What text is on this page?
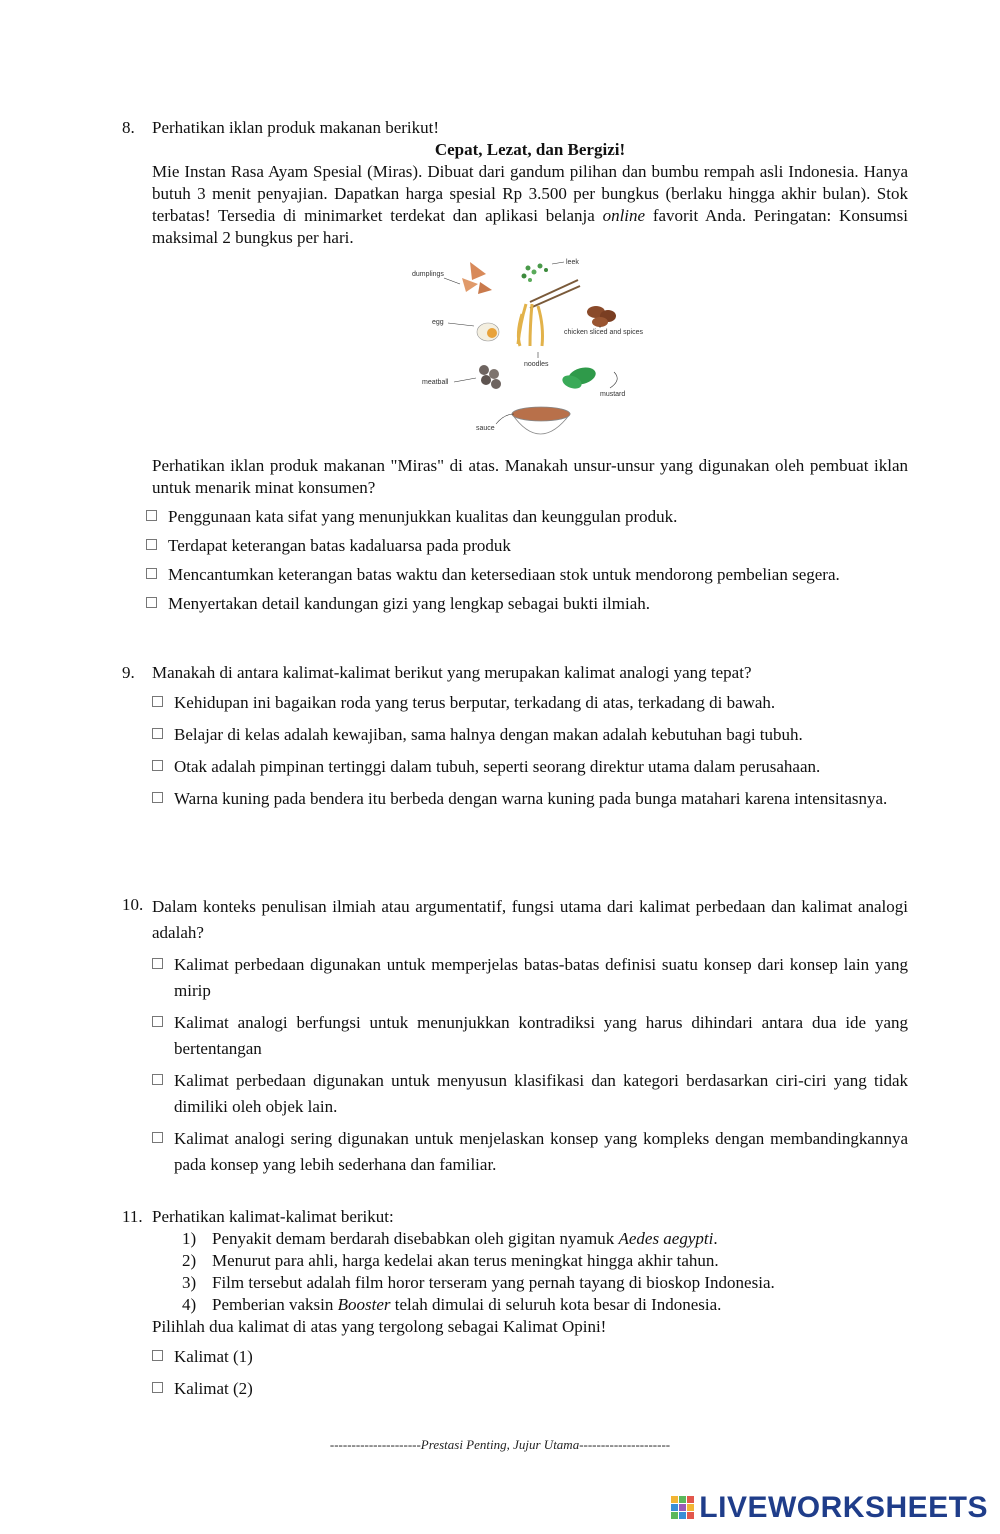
8. Perhatikan iklan produk makanan berikut!
Cepat, Lezat, dan Bergizi!
Mie Instan Rasa Ayam Spesial (Miras). Dibuat dari gandum pilihan dan bumbu rempah asli Indonesia. Hanya butuh 3 menit penyajian. Dapatkan harga spesial Rp 3.500 per bungkus (berlaku hingga akhir bulan). Stok terbatas! Tersedia di minimarket terdekat dan aplikasi belanja online favorit Anda. Peringatan: Konsumsi maksimal 2 bungkus per hari.
dumplings
leek
egg
noodles
chicken sliced and spices
meatball
mustard
sauce
Perhatikan iklan produk makanan "Miras" di atas. Manakah unsur-unsur yang digunakan oleh pembuat iklan untuk menarik minat konsumen?
Penggunaan kata sifat yang menunjukkan kualitas dan keunggulan produk.
Terdapat keterangan batas kadaluarsa pada produk
Mencantumkan keterangan batas waktu dan ketersediaan stok untuk mendorong pembelian segera.
Menyertakan detail kandungan gizi yang lengkap sebagai bukti ilmiah.
9. Manakah di antara kalimat-kalimat berikut yang merupakan kalimat analogi yang tepat?
Kehidupan ini bagaikan roda yang terus berputar, terkadang di atas, terkadang di bawah.
Belajar di kelas adalah kewajiban, sama halnya dengan makan adalah kebutuhan bagi tubuh.
Otak adalah pimpinan tertinggi dalam tubuh, seperti seorang direktur utama dalam perusahaan.
Warna kuning pada bendera itu berbeda dengan warna kuning pada bunga matahari karena intensitasnya.
10. Dalam konteks penulisan ilmiah atau argumentatif, fungsi utama dari kalimat perbedaan dan kalimat analogi adalah?
Kalimat perbedaan digunakan untuk memperjelas batas-batas definisi suatu konsep dari konsep lain yang mirip
Kalimat analogi berfungsi untuk menunjukkan kontradiksi yang harus dihindari antara dua ide yang bertentangan
Kalimat perbedaan digunakan untuk menyusun klasifikasi dan kategori berdasarkan ciri-ciri yang tidak dimiliki oleh objek lain.
Kalimat analogi sering digunakan untuk menjelaskan konsep yang kompleks dengan membandingkannya pada konsep yang lebih sederhana dan familiar.
11. Perhatikan kalimat-kalimat berikut:
1) Penyakit demam berdarah disebabkan oleh gigitan nyamuk Aedes aegypti.
2) Menurut para ahli, harga kedelai akan terus meningkat hingga akhir tahun.
3) Film tersebut adalah film horor terseram yang pernah tayang di bioskop Indonesia.
4) Pemberian vaksin Booster telah dimulai di seluruh kota besar di Indonesia.
Pilihlah dua kalimat di atas yang tergolong sebagai Kalimat Opini!
Kalimat (1)
Kalimat (2)
---------------------Prestasi Penting, Jujur Utama---------------------
LIVEWORKSHEETS
